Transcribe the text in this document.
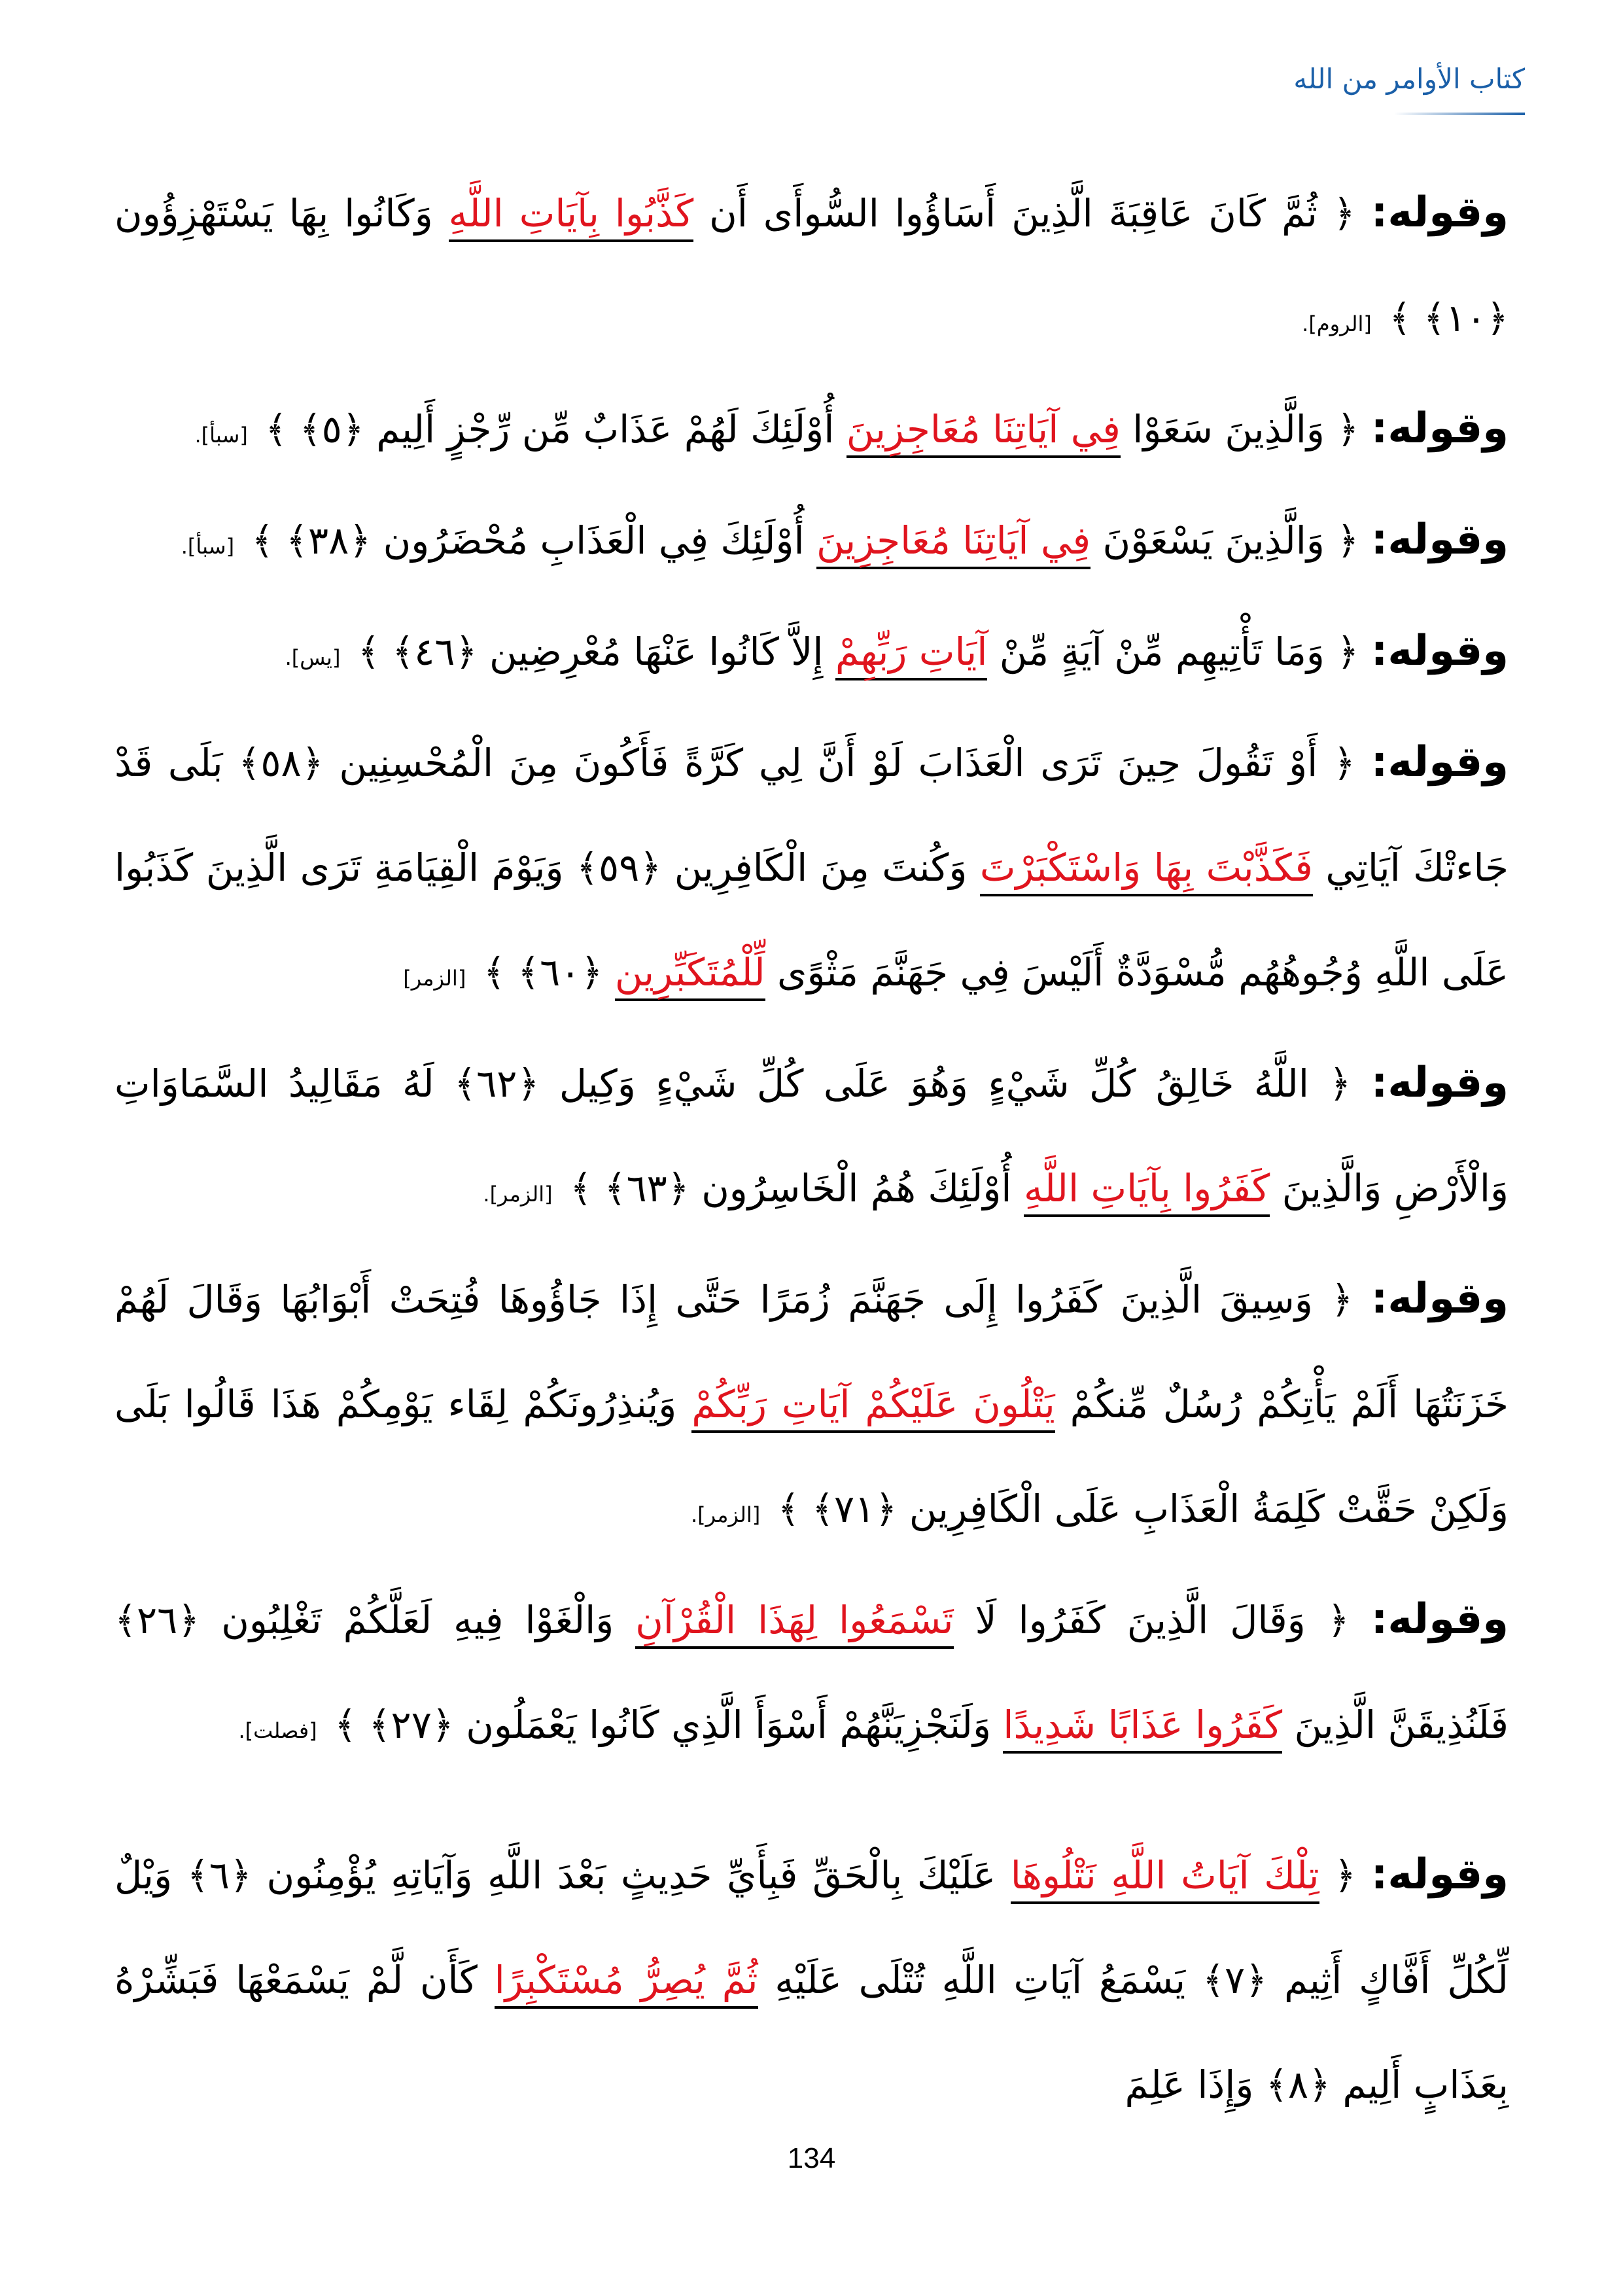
كتاب الأوامر من الله

وقوله: ﴿ ثُمَّ كَانَ عَاقِبَةَ الَّذِينَ أَسَاؤُوا السُّوأَى أَن كَذَّبُوا بِآيَاتِ اللَّهِ وَكَانُوا بِهَا يَسْتَهْزِؤُون ﴿١٠﴾ ﴾ [الروم].

وقوله: ﴿ وَالَّذِينَ سَعَوْا فِي آيَاتِنَا مُعَاجِزِينَ أُوْلَئِكَ لَهُمْ عَذَابٌ مِّن رِّجْزٍ أَلِيم ﴿٥﴾ ﴾ [سبأ].

وقوله: ﴿ وَالَّذِينَ يَسْعَوْنَ فِي آيَاتِنَا مُعَاجِزِينَ أُوْلَئِكَ فِي الْعَذَابِ مُحْضَرُون ﴿٣٨﴾ ﴾ [سبأ].

وقوله: ﴿ وَمَا تَأْتِيهِم مِّنْ آيَةٍ مِّنْ آيَاتِ رَبِّهِمْ إِلاَّ كَانُوا عَنْهَا مُعْرِضِين ﴿٤٦﴾ ﴾ [يس].

وقوله: ﴿ أَوْ تَقُولَ حِينَ تَرَى الْعَذَابَ لَوْ أَنَّ لِي كَرَّةً فَأَكُونَ مِنَ الْمُحْسِنِين ﴿٥٨﴾ بَلَى قَدْ جَاءتْكَ آيَاتِي فَكَذَّبْتَ بِهَا وَاسْتَكْبَرْتَ وَكُنتَ مِنَ الْكَافِرِين ﴿٥٩﴾ وَيَوْمَ الْقِيَامَةِ تَرَى الَّذِينَ كَذَبُوا عَلَى اللَّهِ وُجُوهُهُم مُّسْوَدَّةٌ أَلَيْسَ فِي جَهَنَّمَ مَثْوًى لِّلْمُتَكَبِّرِين ﴿٦٠﴾ ﴾ [الزمر]

وقوله: ﴿ اللَّهُ خَالِقُ كُلِّ شَيْءٍ وَهُوَ عَلَى كُلِّ شَيْءٍ وَكِيل ﴿٦٢﴾ لَهُ مَقَالِيدُ السَّمَاوَاتِ وَالْأَرْضِ وَالَّذِينَ كَفَرُوا بِآيَاتِ اللَّهِ أُوْلَئِكَ هُمُ الْخَاسِرُون ﴿٦٣﴾ ﴾ [الزمر].

وقوله: ﴿ وَسِيقَ الَّذِينَ كَفَرُوا إِلَى جَهَنَّمَ زُمَرًا حَتَّى إِذَا جَاؤُوهَا فُتِحَتْ أَبْوَابُهَا وَقَالَ لَهُمْ خَزَنَتُهَا أَلَمْ يَأْتِكُمْ رُسُلٌ مِّنكُمْ يَتْلُونَ عَلَيْكُمْ آيَاتِ رَبِّكُمْ وَيُنذِرُونَكُمْ لِقَاء يَوْمِكُمْ هَذَا قَالُوا بَلَى وَلَكِنْ حَقَّتْ كَلِمَةُ الْعَذَابِ عَلَى الْكَافِرِين ﴿٧١﴾ ﴾ [الزمر].

وقوله: ﴿ وَقَالَ الَّذِينَ كَفَرُوا لَا تَسْمَعُوا لِهَذَا الْقُرْآنِ وَالْغَوْا فِيهِ لَعَلَّكُمْ تَغْلِبُون ﴿٢٦﴾ فَلَنُذِيقَنَّ الَّذِينَ كَفَرُوا عَذَابًا شَدِيدًا وَلَنَجْزِيَنَّهُمْ أَسْوَأَ الَّذِي كَانُوا يَعْمَلُون ﴿٢٧﴾ ﴾ [فصلت].

وقوله: ﴿ تِلْكَ آيَاتُ اللَّهِ نَتْلُوهَا عَلَيْكَ بِالْحَقِّ فَبِأَيِّ حَدِيثٍ بَعْدَ اللَّهِ وَآيَاتِهِ يُؤْمِنُون ﴿٦﴾ وَيْلٌ لِّكُلِّ أَفَّاكٍ أَثِيم ﴿٧﴾ يَسْمَعُ آيَاتِ اللَّهِ تُتْلَى عَلَيْهِ ثُمَّ يُصِرُّ مُسْتَكْبِرًا كَأَن لَّمْ يَسْمَعْهَا فَبَشِّرْهُ بِعَذَابٍ أَلِيم ﴿٨﴾ وَإِذَا عَلِمَ

134
